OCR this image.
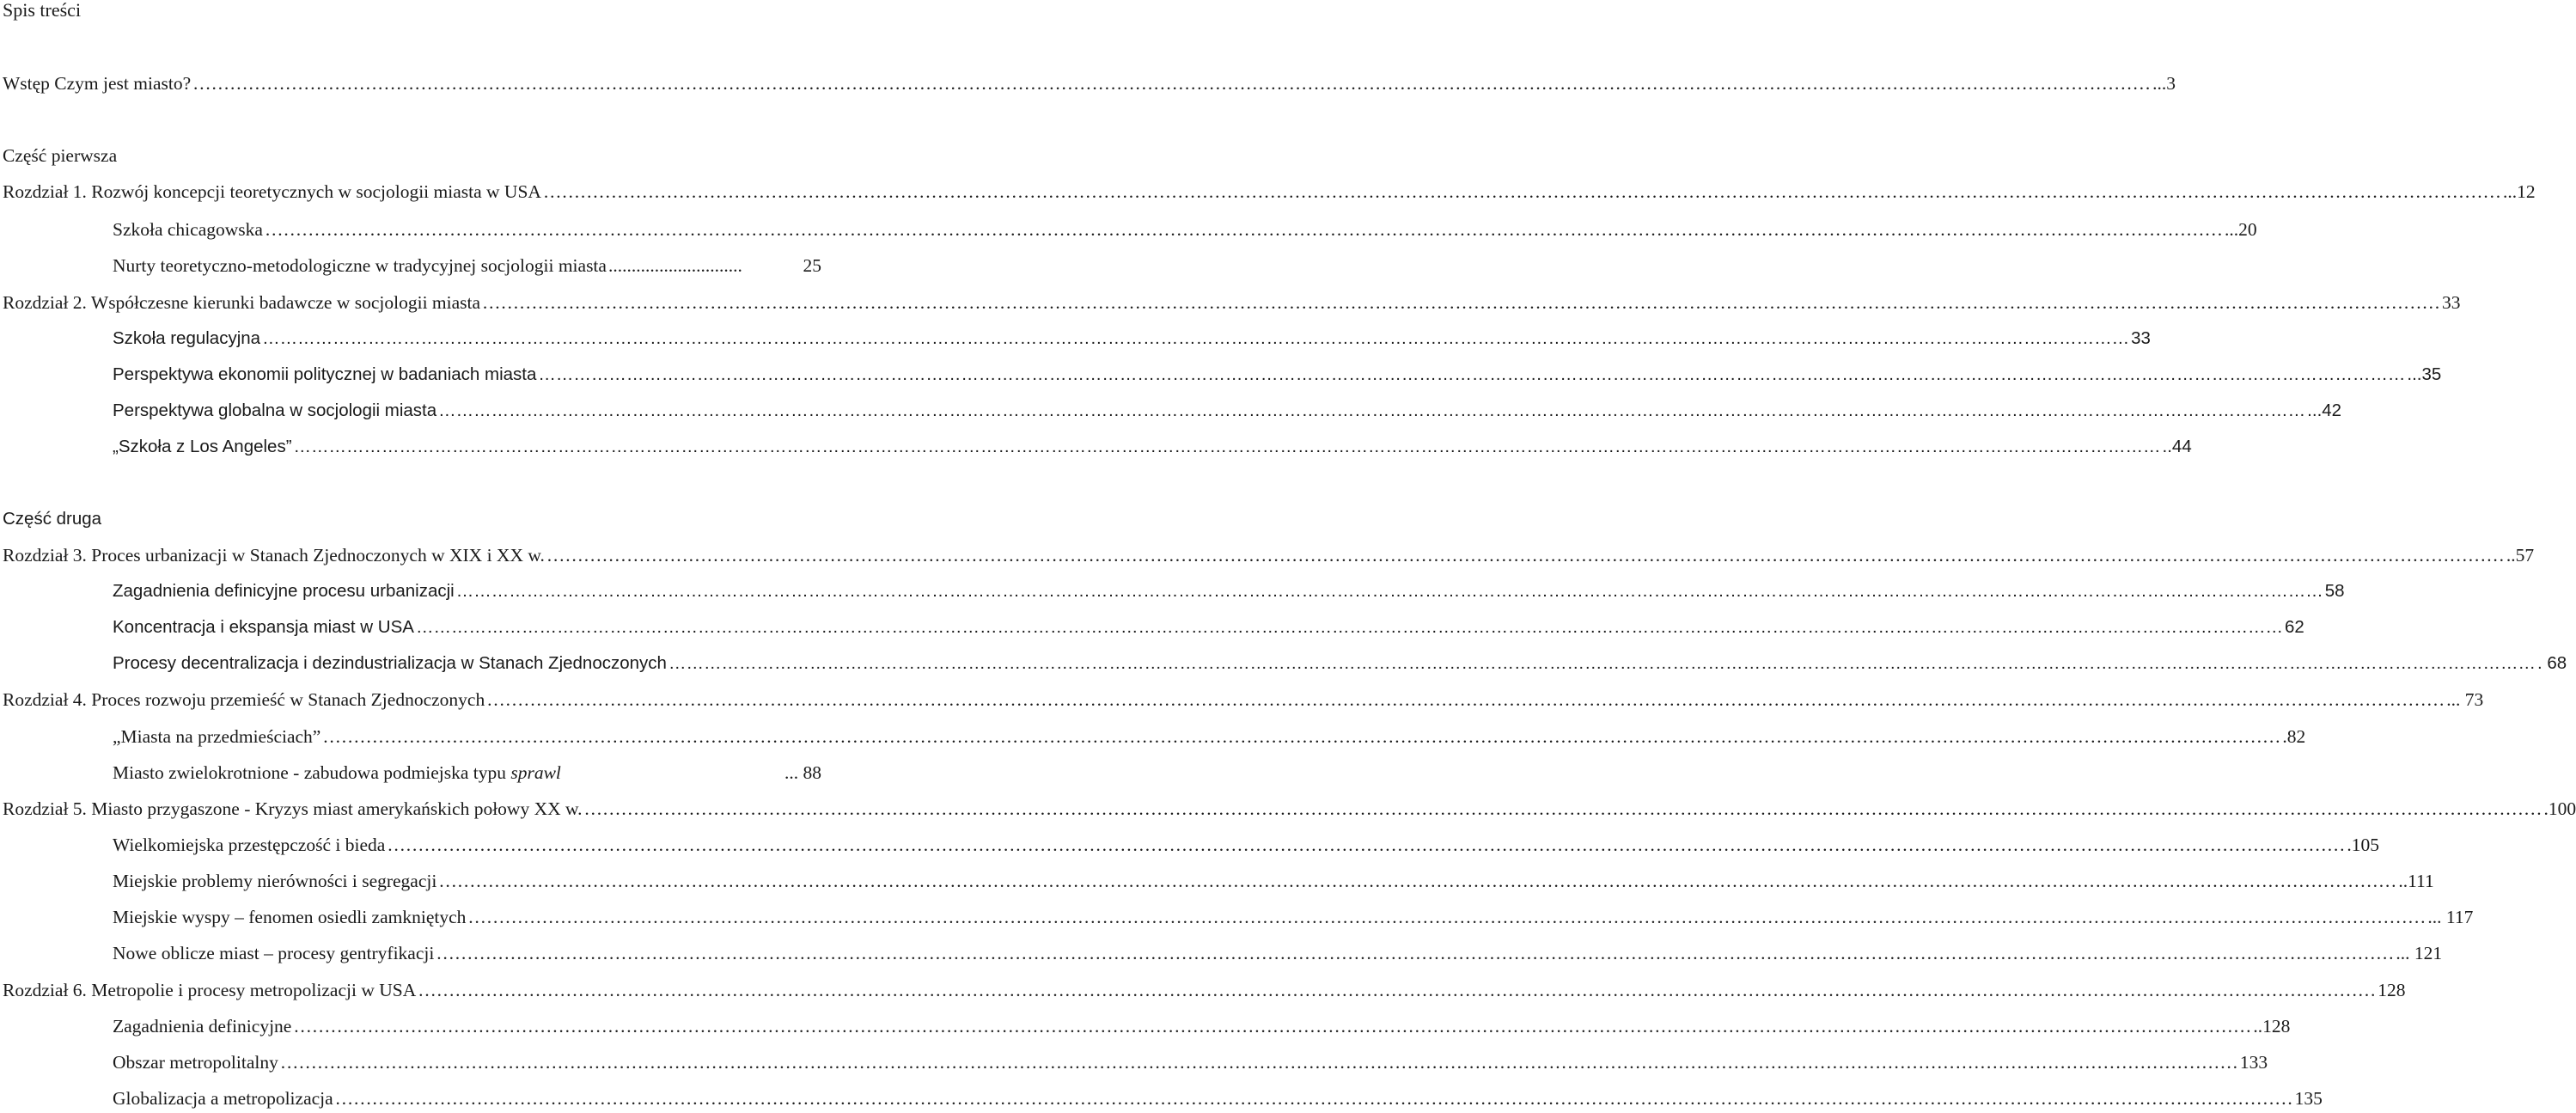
Spis treści
Wstęp Czym jest miasto? ………………………………………………………………………………………………………………………………………………………………………………………………………………………………………………………………………………………… ...3
Część pierwsza
Rozdział 1. Rozwój koncepcji teoretycznych w socjologii miasta w USA ………………………………………………………………………………………………………………………………………………………………………………………………………………………………………………………………………………………… ...12
Szkoła chicagowska ………………………………………………………………………………………………………………………………………………………………………………………………………………………………………………………………………………………… ...20
Nurty teoretyczno-metodologiczne w tradycyjnej socjologii miasta .............................	25
Rozdział 2. Współczesne kierunki badawcze w socjologii miasta ………………………………………………………………………………………………………………………………………………………………………………………………………………………………………………………………………………………… 33
Szkoła regulacyjna ………………………………………………………………………………………………………………………………………………………………………………………………………………………………………………………………………………………… 33
Perspektywa ekonomii politycznej w badaniach miasta ………………………………………………………………………………………………………………………………………………………………………………………………………………………………………………………………………………………… ...35
Perspektywa globalna w socjologii miasta ………………………………………………………………………………………………………………………………………………………………………………………………………………………………………………………………………………………… ...42
„Szkoła z Los Angeles” ………………………………………………………………………………………………………………………………………………………………………………………………………………………………………………………………………………………… ..44
Część druga
Rozdział 3. Proces urbanizacji w Stanach Zjednoczonych w XIX i XX w. ………………………………………………………………………………………………………………………………………………………………………………………………………………………………………………………………………………………… ..57
Zagadnienia definicyjne procesu urbanizacji ………………………………………………………………………………………………………………………………………………………………………………………………………………………………………………………………………………………… 58
Koncentracja i ekspansja miast w USA ………………………………………………………………………………………………………………………………………………………………………………………………………………………………………………………………………………………… 62
Procesy decentralizacja i dezindustrializacja w Stanach Zjednoczonych ………………………………………………………………………………………………………………………………………………………………………………………………………………………………………………………………………………………… . 68
Rozdział 4. Proces rozwoju przemieść w Stanach Zjednoczonych ………………………………………………………………………………………………………………………………………………………………………………………………………………………………………………………………………………………… ... 73
„Miasta na przedmieściach” ………………………………………………………………………………………………………………………………………………………………………………………………………………………………………………………………………………………… .82
Miasto zwielokrotnione - zabudowa podmiejska typu sprawl	... 88
Rozdział 5. Miasto przygaszone - Kryzys miast amerykańskich połowy XX w. ………………………………………………………………………………………………………………………………………………………………………………………………………………………………………………………………………………………… .100
Wielkomiejska przestępczość i bieda ………………………………………………………………………………………………………………………………………………………………………………………………………………………………………………………………………………………… .105
Miejskie problemy nierówności i segregacji ………………………………………………………………………………………………………………………………………………………………………………………………………………………………………………………………………………………… ..111
Miejskie wyspy – fenomen osiedli zamkniętych ………………………………………………………………………………………………………………………………………………………………………………………………………………………………………………………………………………………… ... 117
Nowe oblicze miast – procesy gentryfikacji ………………………………………………………………………………………………………………………………………………………………………………………………………………………………………………………………………………………… ... 121
Rozdział 6. Metropolie i procesy metropolizacji w USA ………………………………………………………………………………………………………………………………………………………………………………………………………………………………………………………………………………………… 128
Zagadnienia definicyjne ………………………………………………………………………………………………………………………………………………………………………………………………………………………………………………………………………………………… ..128
Obszar metropolitalny ………………………………………………………………………………………………………………………………………………………………………………………………………………………………………………………………………………………… 133
Globalizacja a metropolizacja ………………………………………………………………………………………………………………………………………………………………………………………………………………………………………………………………………………………… 135
